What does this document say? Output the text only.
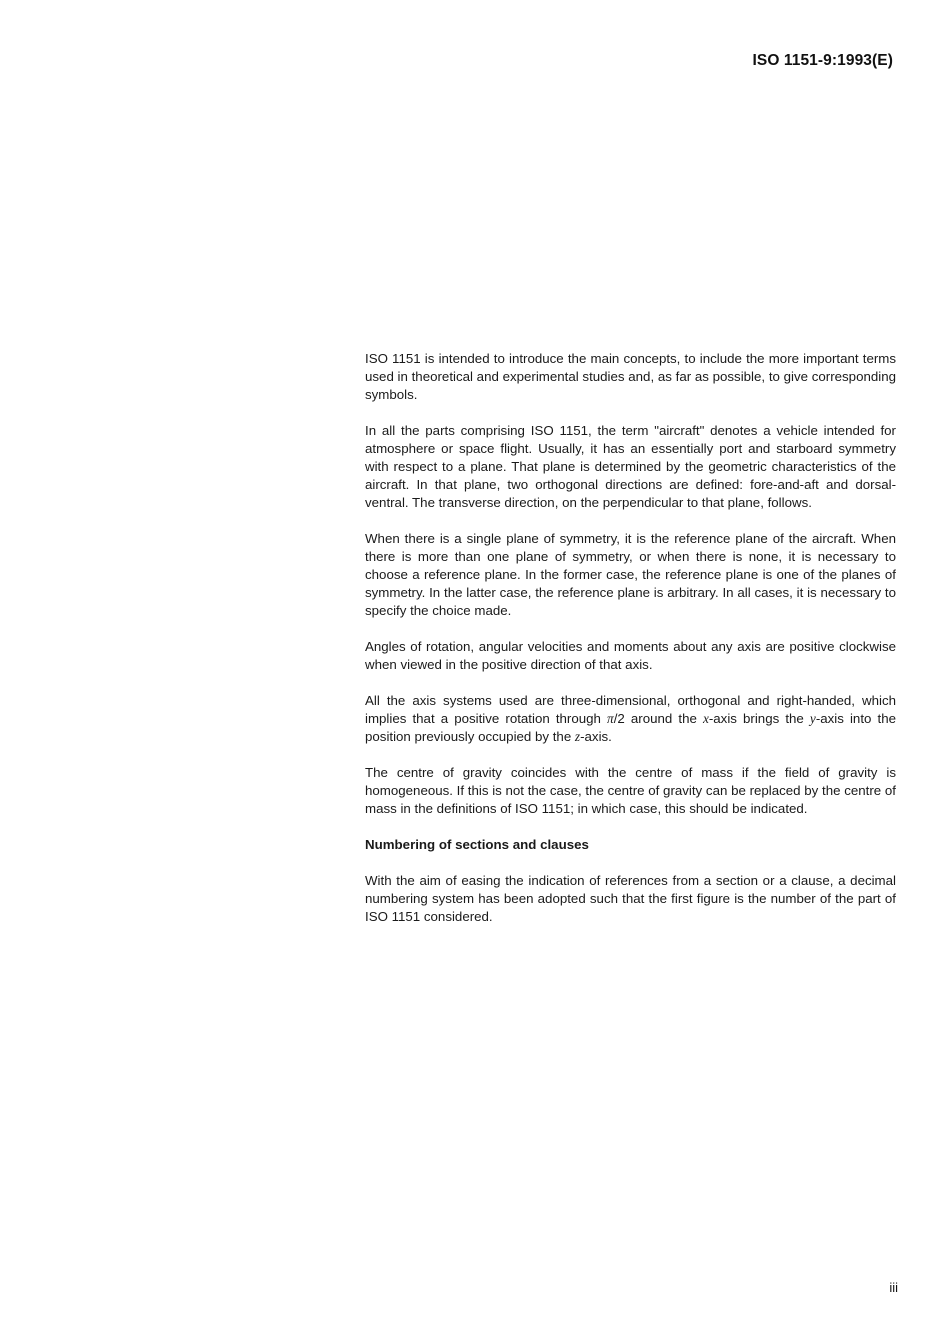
ISO 1151-9:1993(E)

ISO 1151 is intended to introduce the main concepts, to include the more important terms used in theoretical and experimental studies and, as far as possible, to give corresponding symbols.

In all the parts comprising ISO 1151, the term "aircraft" denotes a vehicle intended for atmosphere or space flight. Usually, it has an essentially port and starboard symmetry with respect to a plane. That plane is determined by the geometric characteristics of the aircraft. In that plane, two orthogonal directions are defined: fore-and-aft and dorsal-ventral. The transverse direction, on the perpendicular to that plane, follows.

When there is a single plane of symmetry, it is the reference plane of the aircraft. When there is more than one plane of symmetry, or when there is none, it is necessary to choose a reference plane. In the former case, the reference plane is one of the planes of symmetry. In the latter case, the reference plane is arbitrary. In all cases, it is necessary to specify the choice made.

Angles of rotation, angular velocities and moments about any axis are positive clockwise when viewed in the positive direction of that axis.

All the axis systems used are three-dimensional, orthogonal and right-handed, which implies that a positive rotation through π/2 around the x-axis brings the y-axis into the position previously occupied by the z-axis.

The centre of gravity coincides with the centre of mass if the field of gravity is homogeneous. If this is not the case, the centre of gravity can be replaced by the centre of mass in the definitions of ISO 1151; in which case, this should be indicated.

Numbering of sections and clauses

With the aim of easing the indication of references from a section or a clause, a decimal numbering system has been adopted such that the first figure is the number of the part of ISO 1151 considered.

iii
